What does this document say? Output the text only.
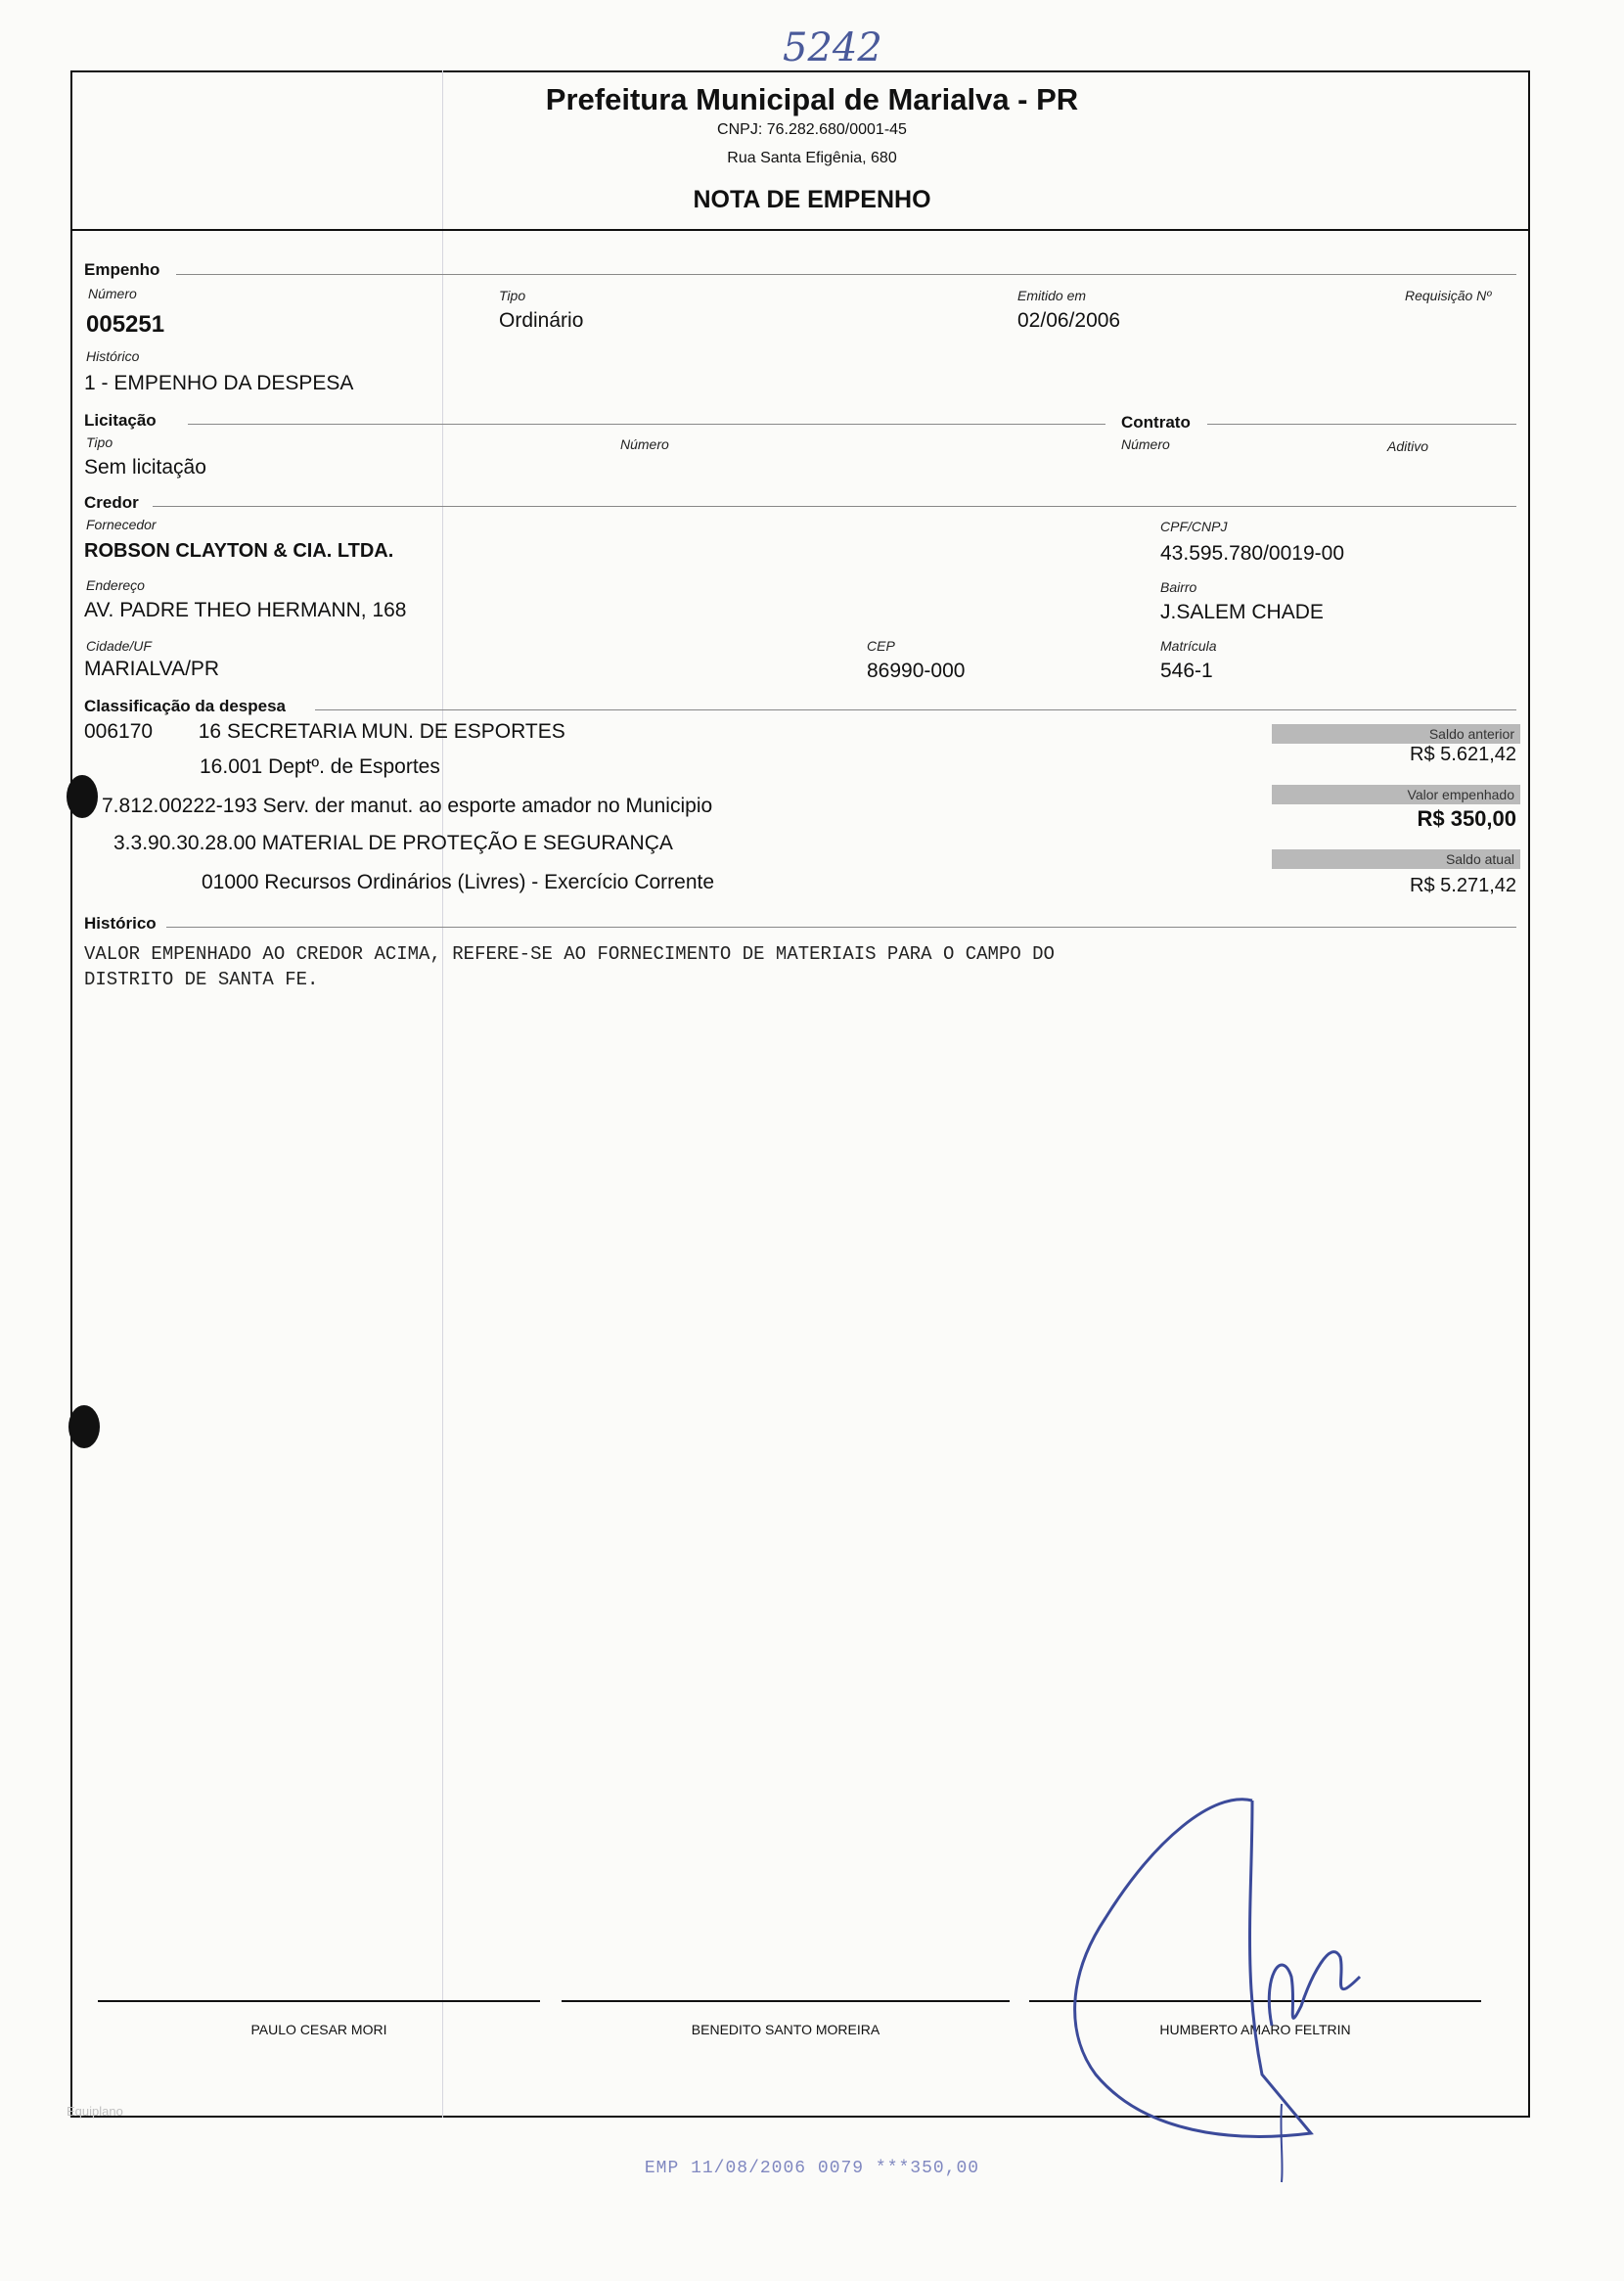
5242
Prefeitura Municipal de Marialva - PR
CNPJ: 76.282.680/0001-45
Rua Santa Efigênia, 680
NOTA DE EMPENHO
Empenho
Número
005251
Tipo
Ordinário
Emitido em
02/06/2006
Requisição Nº
Histórico
1 - EMPENHO DA DESPESA
Licitação
Tipo
Sem licitação
Número
Contrato
Número	Aditivo
Credor
Fornecedor
ROBSON CLAYTON & CIA. LTDA.
CPF/CNPJ
43.595.780/0019-00
Endereço
AV. PADRE THEO HERMANN, 168
Bairro
J.SALEM CHADE
Cidade/UF
MARIALVA/PR
CEP
86990-000
Matrícula
546-1
Classificação da despesa
006170        16 SECRETARIA MUN. DE ESPORTES
16.001 Deptº. de Esportes
7.812.00222-193 Serv. der manut. ao esporte amador no Municipio
3.3.90.30.28.00 MATERIAL DE PROTEÇÃO E SEGURANÇA
01000 Recursos Ordinários (Livres) - Exercício Corrente
Saldo anterior
R$ 5.621,42
Valor empenhado
R$ 350,00
Saldo atual
R$ 5.271,42
Histórico
VALOR EMPENHADO AO CREDOR ACIMA, REFERE-SE AO FORNECIMENTO DE MATERIAIS PARA O CAMPO DO
DISTRITO DE SANTA FE.
PAULO CESAR MORI	BENEDITO SANTO MOREIRA	HUMBERTO AMARO FELTRIN
Equiplano
EMP 11/08/2006 0079 ***350,00
